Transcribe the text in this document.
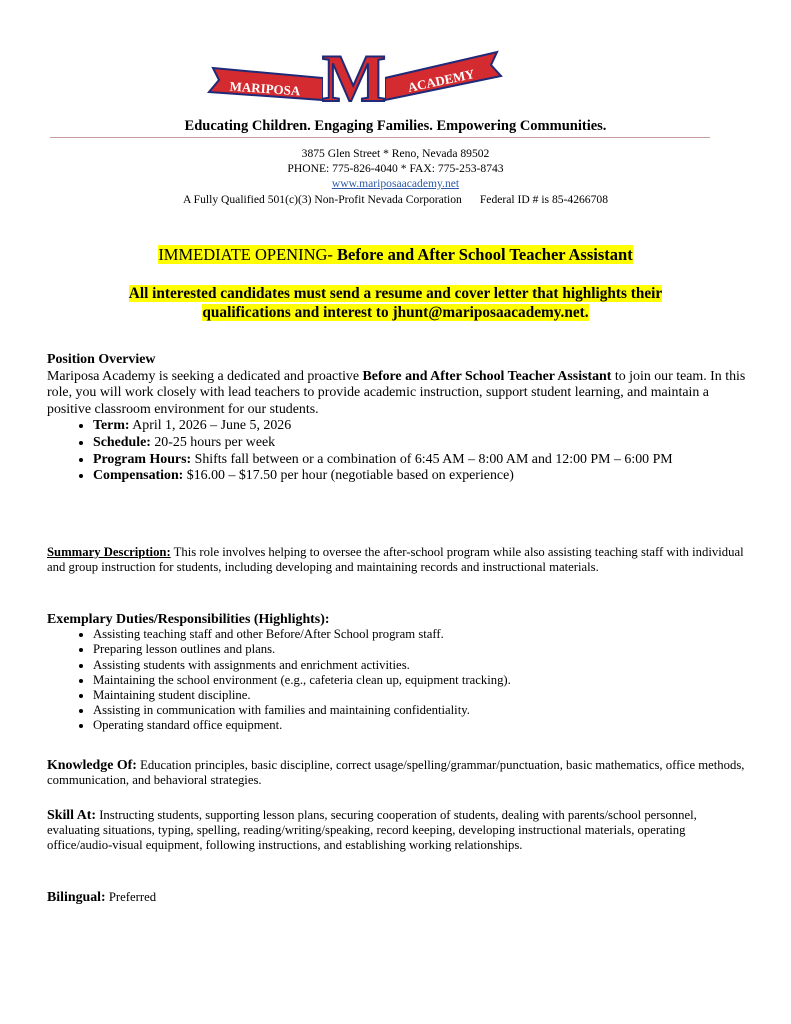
MARIPOSA	ACADEMY
M
Educating Children. Engaging Families. Empowering Communities.
3875 Glen Street * Reno, Nevada 89502
PHONE: 775-826-4040 * FAX: 775-253-8743
www.mariposaacademy.net
A Fully Qualified 501(c)(3) Non-Profit Nevada Corporation Federal ID # is 85-4266708
IMMEDIATE OPENING- Before and After School Teacher Assistant
All interested candidates must send a resume and cover letter that highlights their
qualifications and interest to jhunt@mariposaacademy.net.
Position Overview
Mariposa Academy is seeking a dedicated and proactive Before and After School Teacher Assistant to join our team. In this role, you will work closely with lead teachers to provide academic instruction, support student learning, and maintain a positive classroom environment for our students.
• Term: April 1, 2026 – June 5, 2026
• Schedule: 20-25 hours per week
• Program Hours: Shifts fall between or a combination of 6:45 AM – 8:00 AM and 12:00 PM – 6:00 PM
• Compensation: $16.00 – $17.50 per hour (negotiable based on experience)
Summary Description: This role involves helping to oversee the after-school program while also assisting teaching staff with individual and group instruction for students, including developing and maintaining records and instructional materials.
Exemplary Duties/Responsibilities (Highlights):
• Assisting teaching staff and other Before/After School program staff.
• Preparing lesson outlines and plans.
• Assisting students with assignments and enrichment activities.
• Maintaining the school environment (e.g., cafeteria clean up, equipment tracking).
• Maintaining student discipline.
• Assisting in communication with families and maintaining confidentiality.
• Operating standard office equipment.
Knowledge Of: Education principles, basic discipline, correct usage/spelling/grammar/punctuation, basic mathematics, office methods, communication, and behavioral strategies.
Skill At: Instructing students, supporting lesson plans, securing cooperation of students, dealing with parents/school personnel, evaluating situations, typing, spelling, reading/writing/speaking, record keeping, developing instructional materials, operating office/audio-visual equipment, following instructions, and establishing working relationships.
Bilingual: Preferred
